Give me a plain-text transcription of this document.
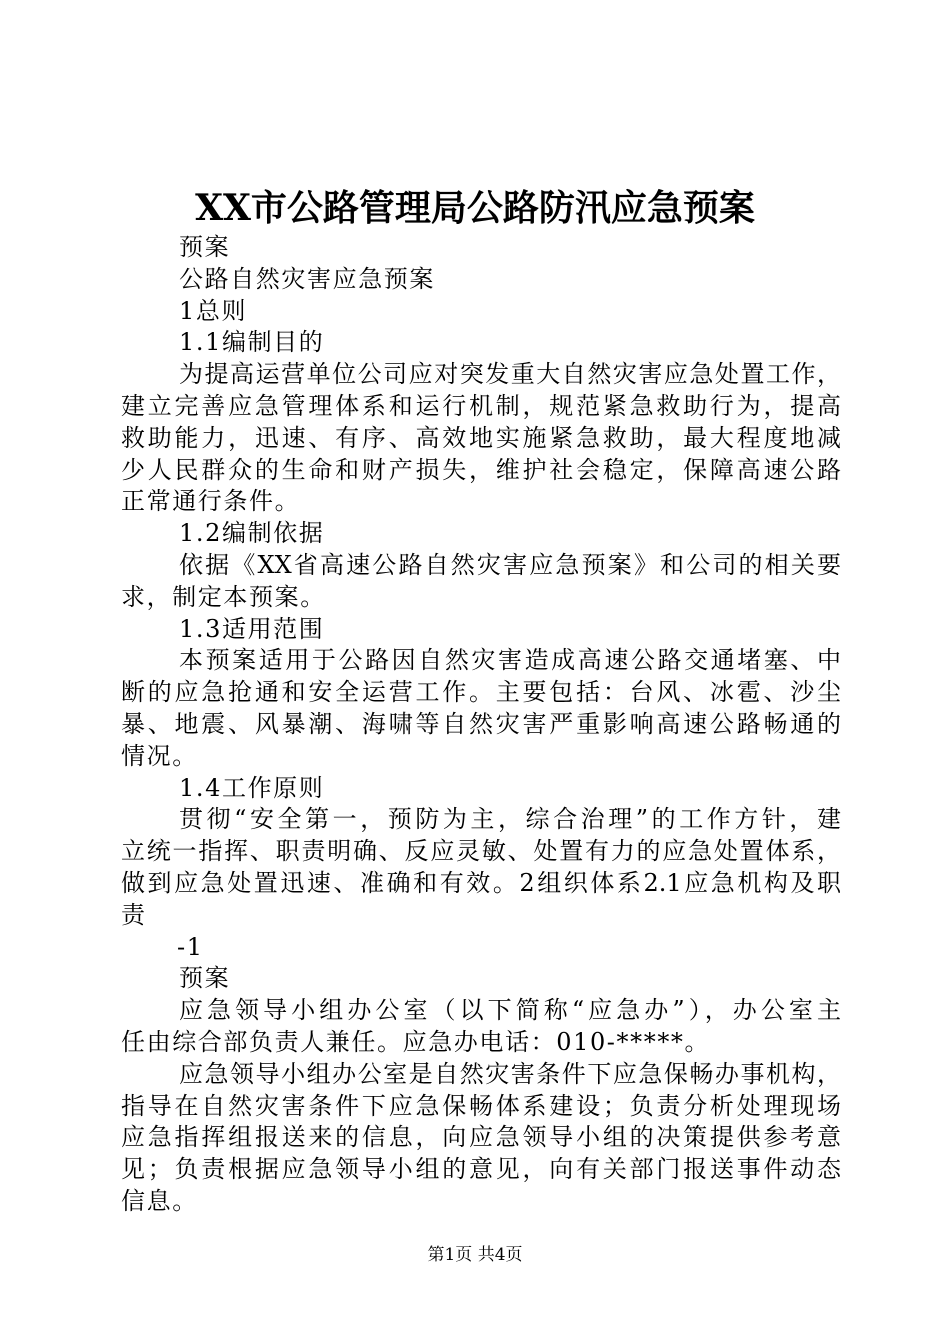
XX市公路管理局公路防汛应急预案
预案
公路自然灾害应急预案
1总则
1.1编制目的
为提高运营单位公司应对突发重大自然灾害应急处置工作，
建立完善应急管理体系和运行机制，规范紧急救助行为，提高
救助能力，迅速、有序、高效地实施紧急救助，最大程度地减
少人民群众的生命和财产损失，维护社会稳定，保障高速公路
正常通行条件。
1.2编制依据
依据《XX省高速公路自然灾害应急预案》和公司的相关要
求，制定本预案。
1.3适用范围
本预案适用于公路因自然灾害造成高速公路交通堵塞、中
断的应急抢通和安全运营工作。主要包括：台风、冰雹、沙尘
暴、地震、风暴潮、海啸等自然灾害严重影响高速公路畅通的
情况。
1.4工作原则
贯彻“安全第一，预防为主，综合治理”的工作方针，建
立统一指挥、职责明确、反应灵敏、处置有力的应急处置体系，
做到应急处置迅速、准确和有效。2组织体系2.1应急机构及职
责
-1
预案
应急领导小组办公室（以下简称“应急办”），办公室主
任由综合部负责人兼任。应急办电话：010-*****。
应急领导小组办公室是自然灾害条件下应急保畅办事机构，
指导在自然灾害条件下应急保畅体系建设；负责分析处理现场
应急指挥组报送来的信息，向应急领导小组的决策提供参考意
见；负责根据应急领导小组的意见，向有关部门报送事件动态
信息。
第1页 共4页
